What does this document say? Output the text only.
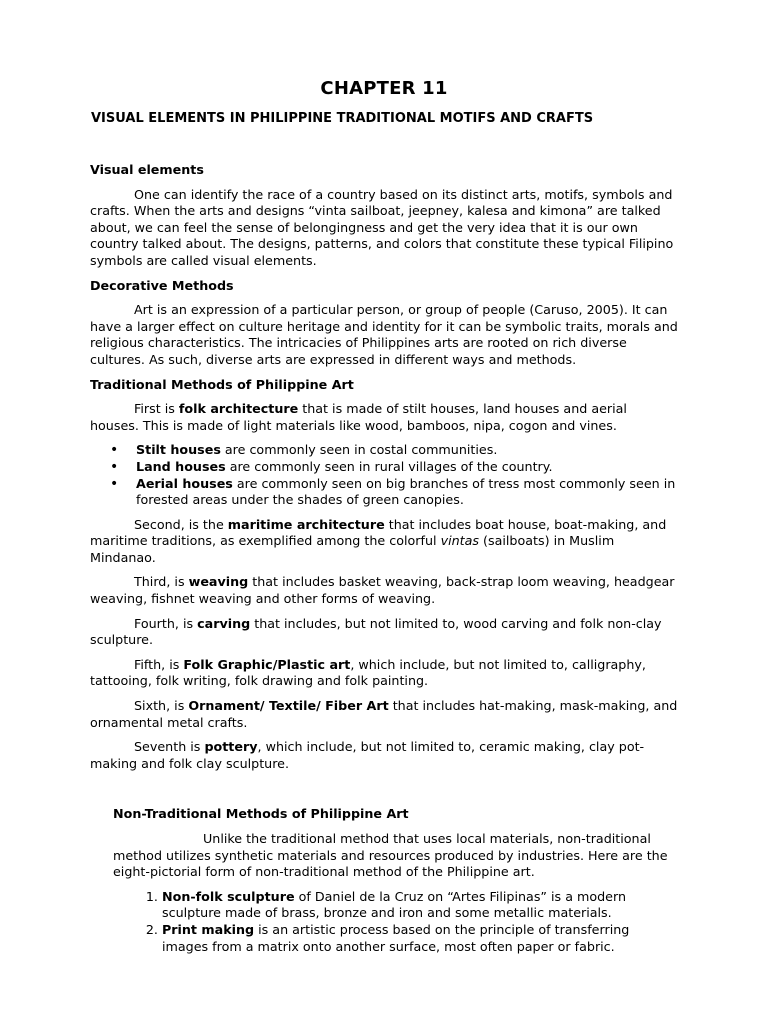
CHAPTER 11
VISUAL ELEMENTS IN PHILIPPINE TRADITIONAL MOTIFS AND CRAFTS
Visual elements

One can identify the race of a country based on its distinct arts, motifs, symbols and crafts. When the arts and designs “vinta sailboat, jeepney, kalesa and kimona” are talked about, we can feel the sense of belongingness and get the very idea that it is our own country talked about. The designs, patterns, and colors that constitute these typical Filipino symbols are called visual elements.

Decorative Methods

Art is an expression of a particular person, or group of people (Caruso, 2005). It can have a larger effect on culture heritage and identity for it can be symbolic traits, morals and religious characteristics. The intricacies of Philippines arts are rooted on rich diverse cultures. As such, diverse arts are expressed in different ways and methods.

Traditional Methods of Philippine Art

First is folk architecture that is made of stilt houses, land houses and aerial houses. This is made of light materials like wood, bamboos, nipa, cogon and vines.

• Stilt houses are commonly seen in costal communities.
• Land houses are commonly seen in rural villages of the country.
• Aerial houses are commonly seen on big branches of tress most commonly seen in forested areas under the shades of green canopies.

Second, is the maritime architecture that includes boat house, boat-making, and maritime traditions, as exemplified among the colorful vintas (sailboats) in Muslim Mindanao.

Third, is weaving that includes basket weaving, back-strap loom weaving, headgear weaving, fishnet weaving and other forms of weaving.

Fourth, is carving that includes, but not limited to, wood carving and folk non-clay sculpture.

Fifth, is Folk Graphic/Plastic art, which include, but not limited to, calligraphy, tattooing, folk writing, folk drawing and folk painting.

Sixth, is Ornament/ Textile/ Fiber Art that includes hat-making, mask-making, and ornamental metal crafts.

Seventh is pottery, which include, but not limited to, ceramic making, clay pot-making and folk clay sculpture.

Non-Traditional Methods of Philippine Art

Unlike the traditional method that uses local materials, non-traditional method utilizes synthetic materials and resources produced by industries. Here are the eight-pictorial form of non-traditional method of the Philippine art.

1. Non-folk sculpture of Daniel de la Cruz on “Artes Filipinas” is a modern sculpture made of brass, bronze and iron and some metallic materials.
2. Print making is an artistic process based on the principle of transferring images from a matrix onto another surface, most often paper or fabric.
